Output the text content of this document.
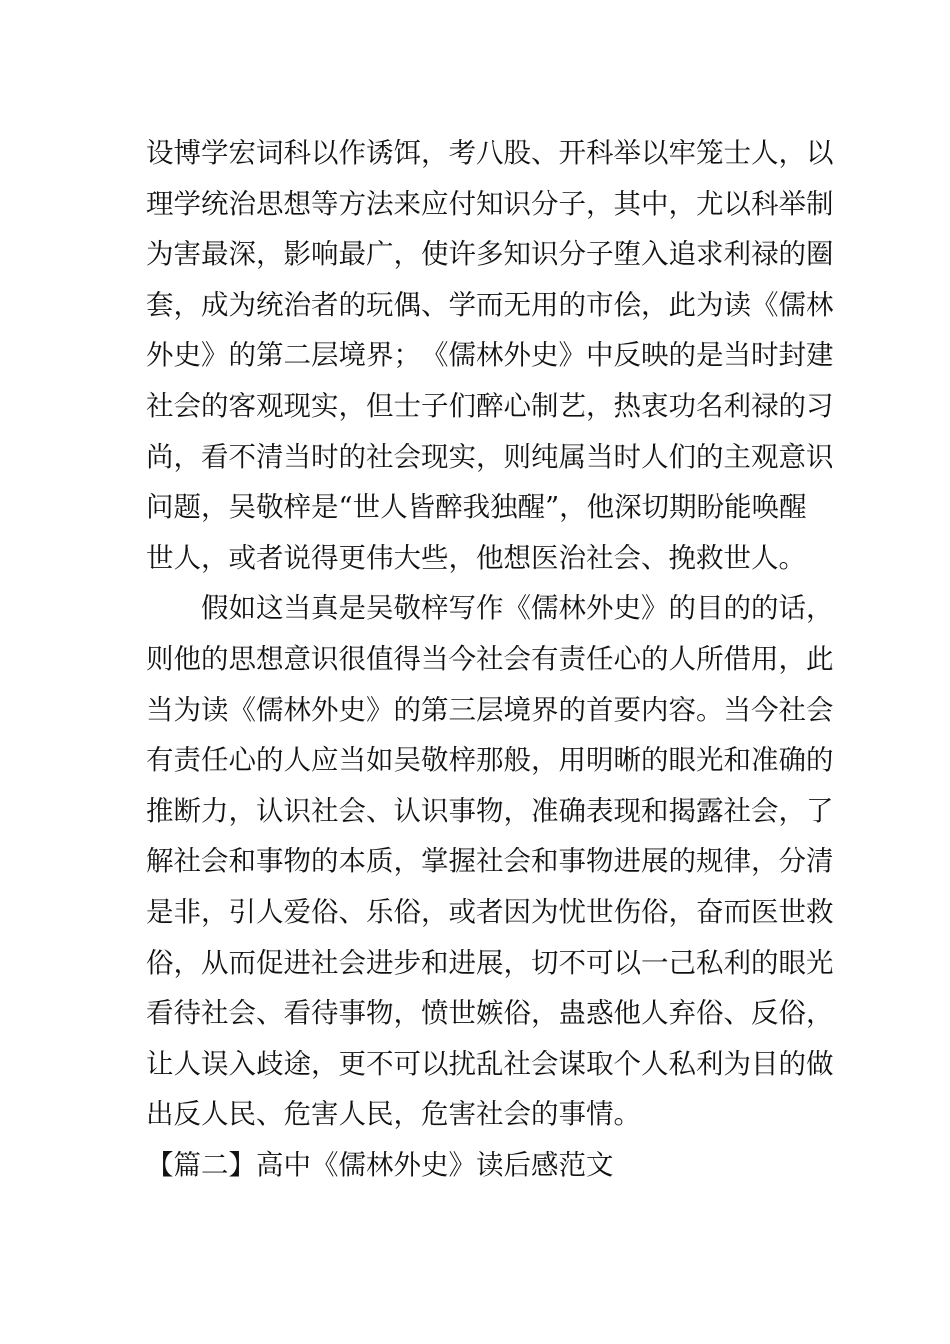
设 博 学 宏 词 科 以 作 诱 饵 ， 考 八 股 、 开 科 举 以 牢 笼 士 人 ， 以
理 学 统 治 思 想 等 方 法 来 应 付 知 识 分 子 ， 其 中 ， 尤 以 科 举 制
为 害 最 深 ， 影 响 最 广 ， 使 许 多 知 识 分 子 堕 入 追 求 利 禄 的 圈
套 ， 成 为 统 治 者 的 玩 偶 、 学 而 无 用 的 市 侩 ， 此 为 读 《 儒 林
外 史 》 的 第 二 层 境 界 ； 《 儒 林 外 史 》 中 反 映 的 是 当 时 封 建
社 会 的 客 观 现 实 ， 但 士 子 们 醉 心 制 艺 ， 热 衷 功 名 利 禄 的 习
尚 ， 看 不 清 当 时 的 社 会 现 实 ， 则 纯 属 当 时 人 们 的 主 观 意 识
问 题 ， 吴 敬 梓 是 “ 世 人 皆 醉 我 独 醒 ” ， 他 深 切 期 盼 能 唤 醒
世人，或者说得更伟大些，他想医治社会、挽救世人。
假 如 这 当 真 是 吴 敬 梓 写 作 《 儒 林 外 史 》 的 目 的 的 话 ，
则 他 的 思 想 意 识 很 值 得 当 今 社 会 有 责 任 心 的 人 所 借 用 ， 此
当 为 读 《 儒 林 外 史 》 的 第 三 层 境 界 的 首 要 内 容 。 当 今 社 会
有 责 任 心 的 人 应 当 如 吴 敬 梓 那 般 ， 用 明 晰 的 眼 光 和 准 确 的
推 断 力 ， 认 识 社 会 、 认 识 事 物 ， 准 确 表 现 和 揭 露 社 会 ， 了
解 社 会 和 事 物 的 本 质 ， 掌 握 社 会 和 事 物 进 展 的 规 律 ， 分 清
是 非 ， 引 人 爱 俗 、 乐 俗 ， 或 者 因 为 忧 世 伤 俗 ， 奋 而 医 世 救
俗 ， 从 而 促 进 社 会 进 步 和 进 展 ， 切 不 可 以 一 己 私 利 的 眼 光
看 待 社 会 、 看 待 事 物 ， 愤 世 嫉 俗 ， 蛊 惑 他 人 弃 俗 、 反 俗 ，
让 人 误 入 歧 途 ， 更 不 可 以 扰 乱 社 会 谋 取 个 人 私 利 为 目 的 做
出反人民、危害人民，危害社会的事情。
【篇二】高中《儒林外史》读后感范文
